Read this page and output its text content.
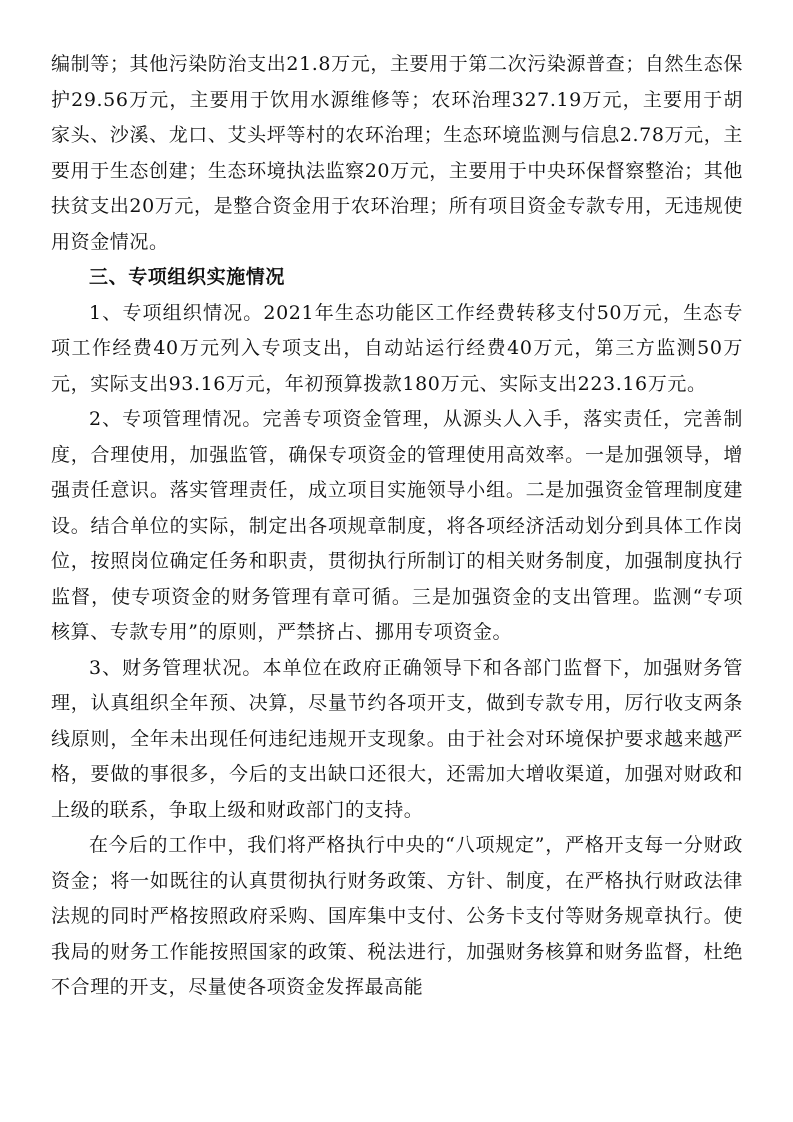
编制等；其他污染防治支出21.8万元，主要用于第二次污染源普查；自然生态保护29.56万元，主要用于饮用水源维修等；农环治理327.19万元，主要用于胡家头、沙溪、龙口、艾头坪等村的农环治理；生态环境监测与信息2.78万元，主要用于生态创建；生态环境执法监察20万元，主要用于中央环保督察整治；其他扶贫支出20万元，是整合资金用于农环治理；所有项目资金专款专用，无违规使用资金情况。

三、专项组织实施情况

1、专项组织情况。2021年生态功能区工作经费转移支付50万元，生态专项工作经费40万元列入专项支出，自动站运行经费40万元，第三方监测50万元，实际支出93.16万元，年初预算拨款180万元、实际支出223.16万元。

2、专项管理情况。完善专项资金管理，从源头人入手，落实责任，完善制度，合理使用，加强监管，确保专项资金的管理使用高效率。一是加强领导，增强责任意识。落实管理责任，成立项目实施领导小组。二是加强资金管理制度建设。结合单位的实际，制定出各项规章制度，将各项经济活动划分到具体工作岗位，按照岗位确定任务和职责，贯彻执行所制订的相关财务制度，加强制度执行监督，使专项资金的财务管理有章可循。三是加强资金的支出管理。监测“专项核算、专款专用”的原则，严禁挤占、挪用专项资金。

3、财务管理状况。本单位在政府正确领导下和各部门监督下，加强财务管理，认真组织全年预、决算，尽量节约各项开支，做到专款专用，厉行收支两条线原则，全年未出现任何违纪违规开支现象。由于社会对环境保护要求越来越严格，要做的事很多，今后的支出缺口还很大，还需加大增收渠道，加强对财政和上级的联系，争取上级和财政部门的支持。

在今后的工作中，我们将严格执行中央的“八项规定”，严格开支每一分财政资金；将一如既往的认真贯彻执行财务政策、方针、制度，在严格执行财政法律法规的同时严格按照政府采购、国库集中支付、公务卡支付等财务规章执行。使我局的财务工作能按照国家的政策、税法进行，加强财务核算和财务监督，杜绝不合理的开支，尽量使各项资金发挥最高能
